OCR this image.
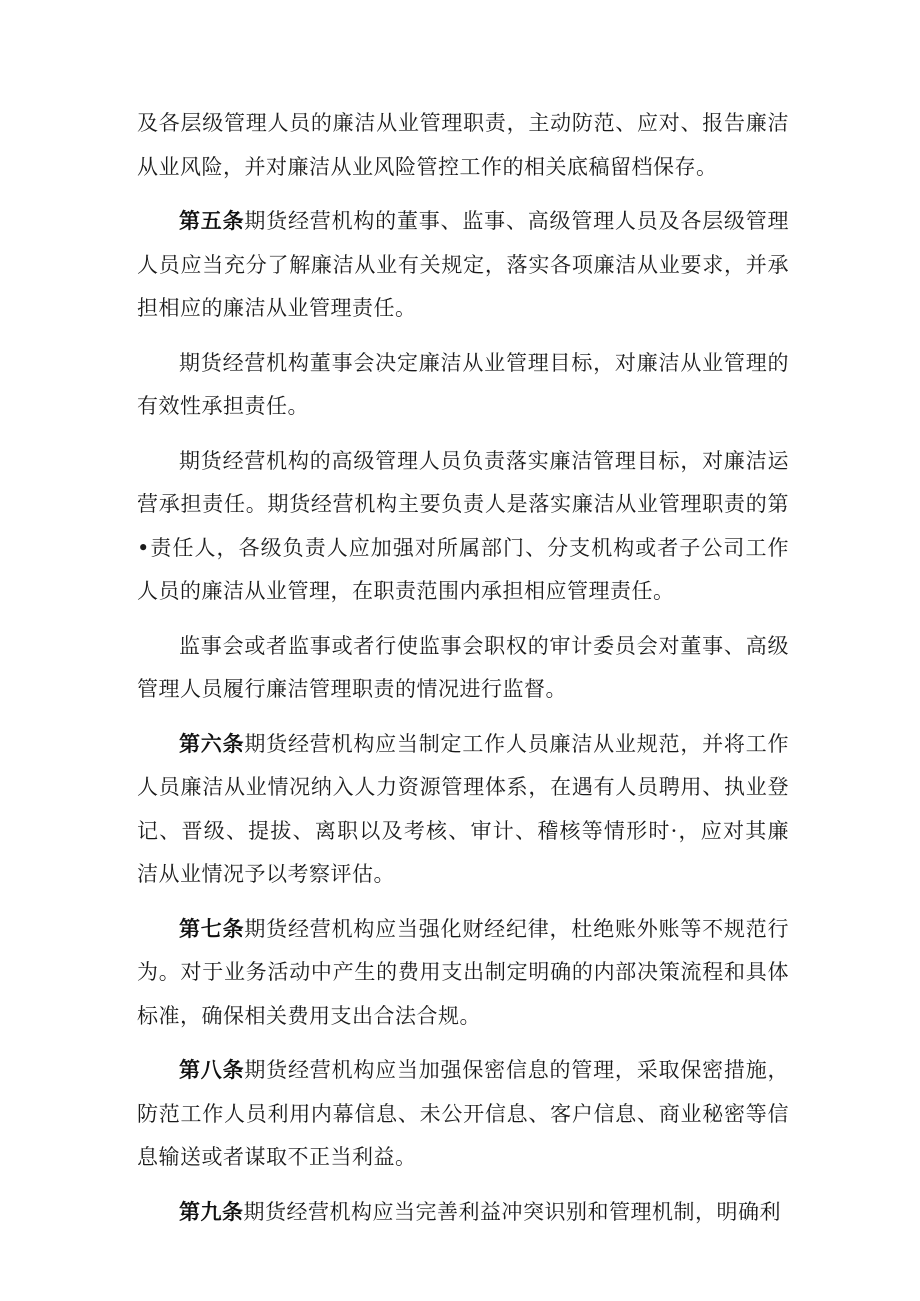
及各层级管理人员的廉洁从业管理职责，主动防范、应对、报告廉洁从业风险，并对廉洁从业风险管控工作的相关底稿留档保存。

第五条期货经营机构的董事、监事、高级管理人员及各层级管理人员应当充分了解廉洁从业有关规定，落实各项廉洁从业要求，并承担相应的廉洁从业管理责任。

期货经营机构董事会决定廉洁从业管理目标，对廉洁从业管理的有效性承担责任。

期货经营机构的高级管理人员负责落实廉洁管理目标，对廉洁运营承担责任。期货经营机构主要负责人是落实廉洁从业管理职责的第•责任人，各级负责人应加强对所属部门、分支机构或者子公司工作人员的廉洁从业管理，在职责范围内承担相应管理责任。

监事会或者监事或者行使监事会职权的审计委员会对董事、高级管理人员履行廉洁管理职责的情况进行监督。

第六条期货经营机构应当制定工作人员廉洁从业规范，并将工作人员廉洁从业情况纳入人力资源管理体系，在遇有人员聘用、执业登记、晋级、提拔、离职以及考核、审计、稽核等情形时·，应对其廉洁从业情况予以考察评估。

第七条期货经营机构应当强化财经纪律，杜绝账外账等不规范行为。对于业务活动中产生的费用支出制定明确的内部决策流程和具体标准，确保相关费用支出合法合规。

第八条期货经营机构应当加强保密信息的管理，采取保密措施，防范工作人员利用内幕信息、未公开信息、客户信息、商业秘密等信息输送或者谋取不正当利益。

第九条期货经营机构应当完善利益冲突识别和管理机制，明确利
